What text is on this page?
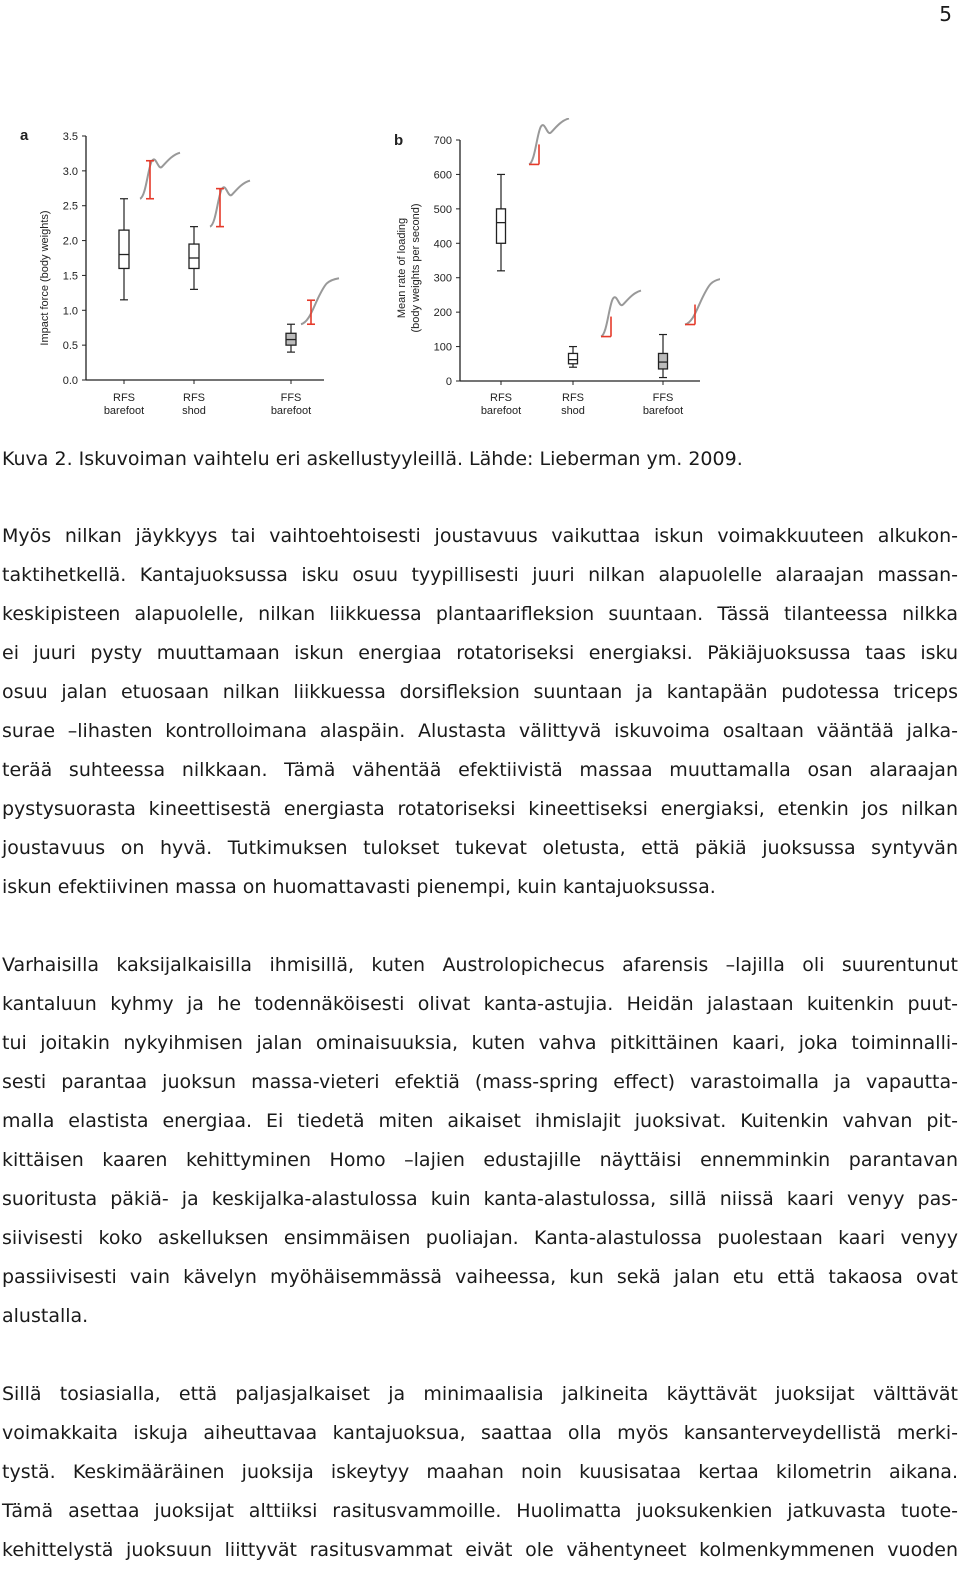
5
a
Impact force (body weights)
0.0
0.5
1.0
1.5
2.0
2.5
3.0
3.5
RFS
barefoot
RFS
shod
FFS
barefoot
b
Mean rate of loading (body weights per second)
0
100
200
300
400
500
600
700
RFS
barefoot
RFS
shod
FFS
barefoot
Kuva 2. Iskuvoiman vaihtelu eri askellustyyleillä. Lähde: Lieberman ym. 2009.
Myös nilkan jäykkyys tai vaihtoehtoisesti joustavuus vaikuttaa iskun voimakkuuteen alkukon-
taktihetkellä. Kantajuoksussa isku osuu tyypillisesti juuri nilkan alapuolelle alaraajan massan-
keskipisteen alapuolelle, nilkan liikkuessa plantaarifleksion suuntaan. Tässä tilanteessa nilkka
ei juuri pysty muuttamaan iskun energiaa rotatoriseksi energiaksi. Päkiäjuoksussa taas isku
osuu jalan etuosaan nilkan liikkuessa dorsifleksion suuntaan ja kantapään pudotessa triceps
surae –lihasten kontrolloimana alaspäin. Alustasta välittyvä iskuvoima osaltaan vääntää jalka-
terää suhteessa nilkkaan. Tämä vähentää efektiivistä massaa muuttamalla osan alaraajan
pystysuorasta kineettisestä energiasta rotatoriseksi kineettiseksi energiaksi, etenkin jos nilkan
joustavuus on hyvä. Tutkimuksen tulokset tukevat oletusta, että päkiä juoksussa syntyvän
iskun efektiivinen massa on huomattavasti pienempi, kuin kantajuoksussa.
Varhaisilla kaksijalkaisilla ihmisillä, kuten Austrolopichecus afarensis –lajilla oli suurentunut
kantaluun kyhmy ja he todennäköisesti olivat kanta-astujia. Heidän jalastaan kuitenkin puut-
tui joitakin nykyihmisen jalan ominaisuuksia, kuten vahva pitkittäinen kaari, joka toiminnalli-
sesti parantaa juoksun massa-vieteri efektiä (mass-spring effect) varastoimalla ja vapautta-
malla elastista energiaa. Ei tiedetä miten aikaiset ihmislajit juoksivat. Kuitenkin vahvan pit-
kittäisen kaaren kehittyminen Homo –lajien edustajille näyttäisi ennemminkin parantavan
suoritusta päkiä- ja keskijalka-alastulossa kuin kanta-alastulossa, sillä niissä kaari venyy pas-
siivisesti koko askelluksen ensimmäisen puoliajan. Kanta-alastulossa puolestaan kaari venyy
passiivisesti vain kävelyn myöhäisemmässä vaiheessa, kun sekä jalan etu että takaosa ovat
alustalla.
Sillä tosiasialla, että paljasjalkaiset ja minimaalisia jalkineita käyttävät juoksijat välttävät
voimakkaita iskuja aiheuttavaa kantajuoksua, saattaa olla myös kansanterveydellistä merki-
tystä. Keskimääräinen juoksija iskeytyy maahan noin kuusisataa kertaa kilometrin aikana.
Tämä asettaa juoksijat alttiiksi rasitusvammoille. Huolimatta juoksukenkien jatkuvasta tuote-
kehittelystä juoksuun liittyvät rasitusvammat eivät ole vähentyneet kolmenkymmenen vuoden
